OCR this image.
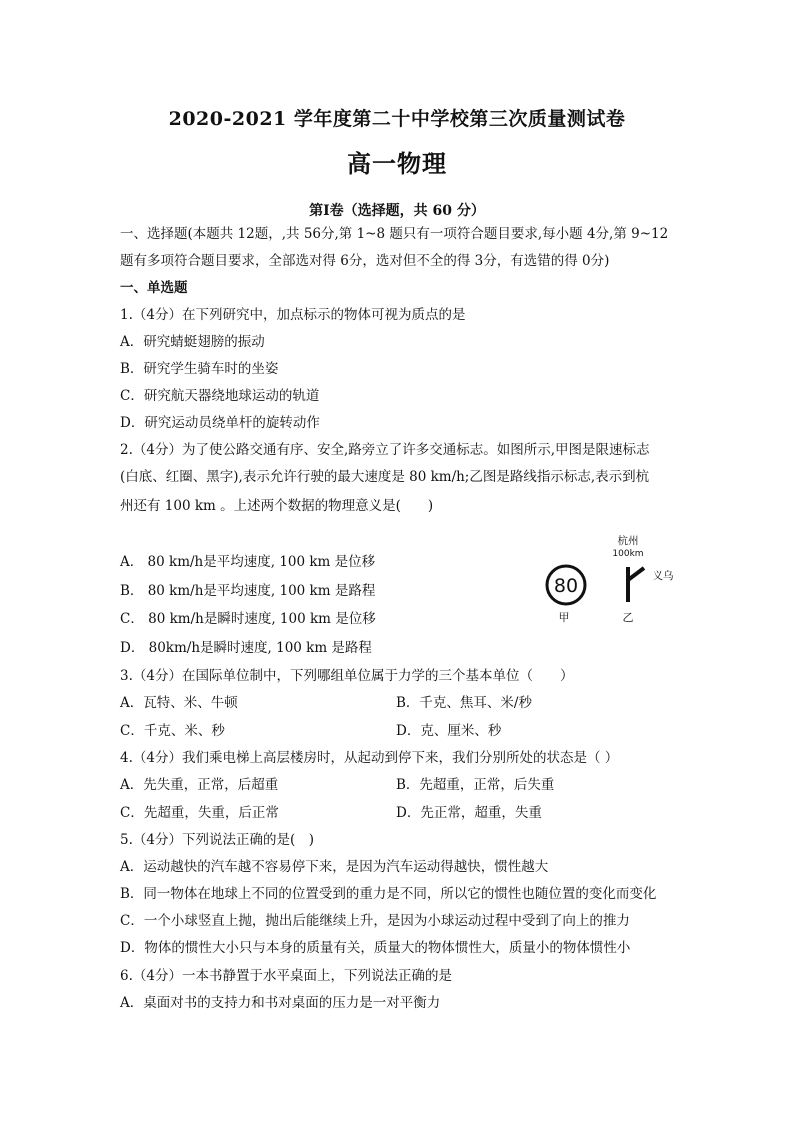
2020-2021 学年度第二十中学校第三次质量测试卷
高一物理
第Ⅰ卷（选择题，共 60 分）
一、选择题(本题共 12题，,共 56分,第 1~8 题只有一项符合题目要求,每小题 4分,第 9~12
题有多项符合题目要求，全部选对得 6分，选对但不全的得 3分，有选错的得 0分)
一、单选题
1.（4分）在下列研究中，加点标示的物体可视为质点的是
A．研究蜻蜓翅膀的振动
B．研究学生骑车时的坐姿
C．研究航天器绕地球运动的轨道
D．研究运动员绕单杆的旋转动作
2.（4分）为了使公路交通有序、安全,路旁立了许多交通标志。如图所示,甲图是限速标志
(白底、红圈、黑字),表示允许行驶的最大速度是 80 km/h;乙图是路线指示标志,表示到杭
州还有 100 km 。上述两个数据的物理意义是(　　)
A． 80 km/h是平均速度, 100 km 是位移
B． 80 km/h是平均速度, 100 km 是路程
C． 80 km/h是瞬时速度, 100 km 是位移
D． 80km/h是瞬时速度, 100 km 是路程
80
甲
杭州
100km
义乌
乙
3.（4分）在国际单位制中，下列哪组单位属于力学的三个基本单位（　　）
A．瓦特、米、牛顿	B．千克、焦耳、米/秒
C．千克、米、秒	D．克、厘米、秒
4.（4分）我们乘电梯上高层楼房时，从起动到停下来，我们分别所处的状态是（ ）
A．先失重，正常，后超重	B．先超重，正常，后失重
C．先超重，失重，后正常	D．先正常，超重，失重
5.（4分）下列说法正确的是(　)
A．运动越快的汽车越不容易停下来，是因为汽车运动得越快，惯性越大
B．同一物体在地球上不同的位置受到的重力是不同，所以它的惯性也随位置的变化而变化
C．一个小球竖直上抛，抛出后能继续上升，是因为小球运动过程中受到了向上的推力
D．物体的惯性大小只与本身的质量有关，质量大的物体惯性大，质量小的物体惯性小
6.（4分）一本书静置于水平桌面上，下列说法正确的是
A．桌面对书的支持力和书对桌面的压力是一对平衡力
